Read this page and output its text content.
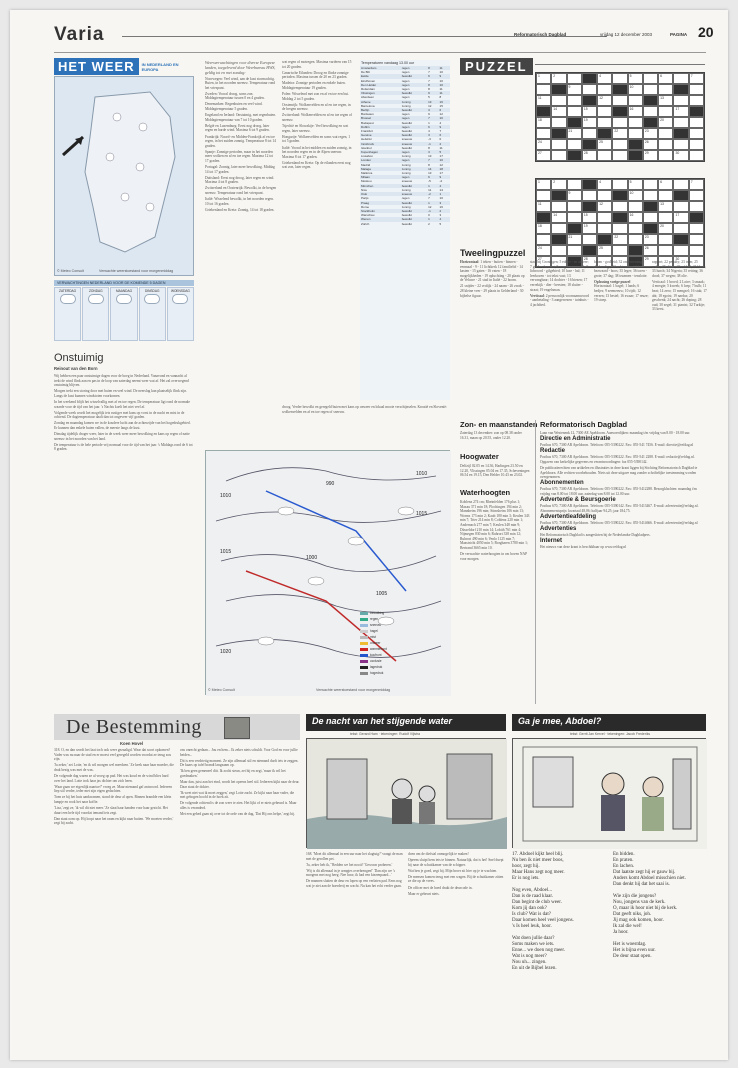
Varia	Reformatorisch Dagblad	vrijdag 12 december 2003	PAGINA 20
HET WEER	IN NEDERLAND EN EUROPA
© Meteo Consult	Verwachte weerstoestand voor morgenmiddag
VERWACHTINGEN NEDERLAND VOOR DE KOMENDE 5 DAGEN
ZATERDAG	ZONDAG	MAANDAG	DINSDAG	WOENSDAG
Onstuimig
Reinout van den Born

Wij hebben een paar onstuimige dagen voor de boeg in Nederland. Vanavond en vannacht al trekt de wind flink aan en pas in de loop van zaterdag neemt weer wat af. Het zal overwegend onstuimig blijven.

Morgen trekt een storing door met buien en veel wind. De neerslag kan plaatselijk flink zijn. Langs de kust kunnen windstoten voorkomen.

In het weekend blijft het wisselvallig met af en toe regen. De temperatuur ligt rond de normale waarde voor de tijd van het jaar. 's Nachts koelt het niet veel af.

Volgende week wordt het mogelijk iets rustiger met kans op vorst in de nacht en mist in de ochtend. De dagtemperatuur daalt dan tot ongeveer vijf graden.

Zondag en maandag komen we in de koudere lucht aan de achterzijde van het hogedrukgebied. Er kunnen dan enkele buien vallen, de meeste langs de kust.

Dinsdag tijdelijk droger weer, later in de week weer meer bewolking en kans op regen of natte sneeuw in het noorden van het land.

De temperatuur is de hele periode vrij normaal voor de tijd van het jaar. 's Middags rond de 6 tot 8 graden.

Weersverwachtingen voor diverse Europese landen, toegeleverd door Weerbureau HWS, geldig tot en met zondag:

Noorwegen: Veel wind, aan de kust stormachtig. Buien, in het noorden sneeuw. Temperatuur rond het vriespunt.

Zweden: Vooral droog, soms zon. Middagtemperatuur tussen 0 en 4 graden.

Denemarken: Regenbuien en veel wind. Middagtemperatuur 5 graden.

Engeland en Ierland: Onstuimig, met regenbuien. Middagtemperatuur van 7 tot 10 graden.

België en Luxemburg: Eerst nog droog, later regen en harde wind. Maxima 6 tot 9 graden.

Frankrijk: Noord- en Midden-Frankrijk af en toe regen, in het zuiden zonnig. Temperatuur 8 tot 14 graden.

Spanje: Zonnige perioden, maar in het noorden meer wolken en af en toe regen. Maxima 12 tot 17 graden.

Portugal: Zonnig, later meer bewolking. Middag 14 tot 17 graden.

Duitsland: Eerst nog droog, later regen en wind. Maxima 4 tot 8 graden.

Zwitserland en Oostenrijk: Bewolkt, in de bergen sneeuw. Temperatuur rond het vriespunt.

Italië: Wisselend bewolkt, in het noorden regen. 10 tot 16 graden.

Griekenland en Kreta: Zonnig, 14 tot 18 graden.

wat regen of motregen. Maxima variëren van 15 tot 20 graden.

Canarische Eilanden: Droog en flinke zonnige perioden. Maxima tussen de 20 en 23 graden.

Madeira: Zonnige perioden en enkele buien. Middagtemperatuur 19 graden.

Polen: Wisselend met zon en af en toe een bui. Middag 2 tot 5 graden.

Oostenrijk: Wolkenvelden en af en toe regen, in de bergen sneeuw.

Zwitserland: Wolkenvelden en af en toe regen of sneeuw.

Tsjechië en Slowakije: Veel bewolking en wat regen, later sneeuw.

Hongarije: Wolkenvelden en soms wat regen, 1 tot 5 graden.

Italië: Vooral in het midden en zuiden zonnig, in het noorden regen en in de Alpen sneeuw. Maxima 8 tot 17 graden.

Griekenland en Kreta: Op de eilanden eerst nog wat zon, later regen.

Temperaturen vandaag 13.00 uur
Amsterdam	regen	8	11
De Bilt	regen	7	10
Eelde	bewolkt	6	9
Eindhoven	regen	7	10
Den Helder	regen	8	10
Rotterdam	regen	8	11
Vlissingen	bewolkt	9	11
Aberdeen	regen	5	8
Athene	zonnig	13	16
Barcelona	zonnig	12	15
Berlijn	bewolkt	3	6
Bordeaux	regen	9	12
Brussel	regen	7	10
Budapest	bewolkt	1	4
Dublin	regen	6	9
Frankfurt	bewolkt	4	7
Genève	bewolkt	3	6
Helsinki	sneeuw	-3	0
Innsbruck	sneeuw	-1	2
Istanbul	bewolkt	8	11
Kopenhagen	regen	3	5
Lissabon	zonnig	13	17
Londen	regen	7	10
Madrid	zonnig	8	12
Malaga	zonnig	14	18
Mallorca	zonnig	13	17
Milaan	regen	6	9
Moskou	sneeuw	-5	-2
München	bewolkt	1	4
Nice	zonnig	11	14
Oslo	sneeuw	-2	1
Parijs	regen	7	10
Praag	bewolkt	1	3
Rome	zonnig	12	16
Stockholm	bewolkt	-1	2
Warschau	bewolkt	0	3
Wenen	bewolkt	1	4
Zürich	bewolkt	2	5
1010
1015
1020
990
1000
1005
1010
1015
© Meteo Consult	Verwachte weerstoestand voor morgenmiddag
bewolking
regen
sneeuw
hagel
mist
onweer
warmtefront
koufront
occlusie
lagedruk
hogedruk

droog. Verder bewolkt en geregeld buien met kans op onweer en lokaal mooie verschijnselen. Kroatië en Slovenië: wolkenvelden en af en toe regen of sneeuw.

PUZZEL
1	2	4	5	6	7
9	10
11	12	13
14	15	16	17
18	19	20
21	22	23
24	25	26
27	28	29	30
1	2	4	5	6	7
9	10
11	12	13
14	15	16	17
18	19	20
21	22	23
24	25	26
27	28	29	30
Tweelingpuzzel

Horizontaal: 1 teken - buiten - binnen - eenmaal - 9 - 11 lichtkerk 12 familielid - 14 kasten - 15 gaten - 16 vaten - 18 mogelijkheden - 19 opluchting - 20 plaats op de Veluwe - 21 stad in Italië - 22 boom.

21 snijder - 22 vrolijk - 24 naam - 26 zwak - 28 kleine veer - 29 plaats in Gelderland - 30 bijbelse figuur.

staat bij Groningen; 5 edelie - en andere; 7 geld - vloermat; 8 vrage - ecumensk; 9 lidwoord - gifgebied; 10 luxe - hal; 11 leerkozen - tot tekst vast; 13 vervangbaar; 14 dochter - 16 biezen; 17 verrekijk - dier - beesten; 18 sluiter - straat; 19 engelsman.

Verticaal: 2 persoonlijk voornaamwoord - aanbetaling - 3 aangewezen - tuinhuis - 4 jachtbed.

boom - godheid; 32 onderneming - deskundige; 33 achternaam; 34 bezwaard - boos; 35 leger; 36 toren - grote; 37 dag; 38 tezamen - tenslotte.

Oplossing vorige puzzel Horizontaal: 1 bagel; 1 lands; 6 bedjes; 9 zeemeeuw; 10 rijdt; 12 verzen; 13 bestel; 16 zwaar; 17 reuze; 19 stoep.

rapport; 22 penalty; 23 tram; 25 reden; 27 elitair; 29 erfdeel; 31 bleek; 33 lunch; 34 Nigeria; 35 retting; 36 dood; 37 wegen; 38 olie.

Verticaal: 1 broed; 2 Loire; 3 smaak; 4 energie; 5 kweek; 6 loep; 7 bulb; 11 beat; 14 zero; 15 mengsel; 16 stuk; 17 abt; 18 egoist; 19 nardus; 20 geschenk; 24 nacht; 26 doping; 28 oud; 30 zegel; 31 pianist; 32 Turkije; 33 kerst.

Zon- en maanstanden

Zaterdag 13 december: zon op 08.38 onder 16.31, maan op 20.55, onder 12.20.

Hoogwater

Delfzijl 02.05 en 14.36, Harlingen 23.50 en 12.20, Vlissingen 05.04 en 17.35, Scheveningen 06.54 en 19.15, Den Helder 10.43 en 23.02.

Waterhoogten

Koblenz 274 cm; Rheinfelden 176 plus 1; Maxau 371 min 18; Plochingen 194 min 2; Mannheim 196 min; Stimsheim 106 min 13; Worms 173 min 2; Kaub 180 min 3; Keulen 343 min 7; Trier 214 min 8; Coblenz 220 min 1; Andernach 277 min 7; Keulen 348 min 9; Düsseldorf 210 min 14; Lobith 761 min 4; Nijmegen 830 min 6; Ruhrort 338 min 12; Ruhrort 490 min 6; Venlo 1125 min 7; Maastricht 4050 min 5; Borgharen 3780 min 1; Bertrand 3665 min 10.

De verwachte waterhoogten in cm boven NAP voor morgen.

Reformatorisch Dagblad

Laan van Westenenk 12, 7300 AE Apeldoorn. Aanvoerdijken: maandag t/m vrijdag van 8.00 - 18.00 uur.

Directie en Administratie

Postbus 670, 7300 AR Apeldoorn. Telefoon: 055-5390222. Fax: 055-541 7456. E-mail: directie@refdag.nl

Redactie

Postbus 670, 7300 AR Apeldoorn. Telefoon: 055-5390222. Fax: 055-541 2288. E-mail: redactie@refdag.nl. Opgaven van kerkelijke gegevens en verantwoordingen: fax 055-5390142.

De publicatierechten van artikelen en illustraties in deze krant liggen bij Stichting Reformatorisch Dagblad te Apeldoorn. Alle rechten voorbehouden. Niets uit deze uitgave mag zonder schriftelijke toestemming worden overgenomen.

Abonnementen

Postbus 670, 7300 AR Apeldoorn. Telefoon: 055-5390222. Fax: 055-5412288. Bezorgklachten: maandag t/m vrijdag van 8.00 tot 18.00 uur, zaterdag van 8.00 tot 12.00 uur.

Advertentie & Beursgoerie

Postbus 670, 7300 AR Apeldoorn. Telefoon: 055-5390142. Fax: 055-5413467. E-mail: advertentie@refdag.nl. Abonnementsprijs: kwartaal 48,06; halfjaar 94,25; jaar 184,75.

Advertentieafdeling

Postbus 670, 7300 AR Apeldoorn. Telefoon: 055-5390222. Fax: 055-5414666. E-mail: advertentie@refdag.nl

Advertenties

Het Reformatorisch Dagblad is aangesloten bij de Nederlandse Dagbladpers.

Internet

Het nieuws van deze krant is beschikbaar op www.refdag.nl

De Bestemming
Koen Hovel

318. O, en dan wordt het laat toch ook weer gezaaligd. Waar dat soort opkomen? Vader was nu naar de stad en er moest veel geregeld worden voordat ze terug zou zijn.

'Ja zeker,' zei Lotte, 'en ik wil morgen wel meedoen.' Ze keek naar haar moeder, die druk bezig was met de was.

De volgende dag waren ze al vroeg op pad. Het was koud en de wind blies hard over het land. Lotte trok haar jas dichter om zich heen.

'Waar gaan we eigenlijk naartoe?' vroeg ze. Maar niemand gaf antwoord. Iedereen liep stil verder, ieder met zijn eigen gedachten.

Toen ze bij het huis aankwamen, stond de deur al open. Binnen brandde een klein lampje en rook het naar koffie.

'Lisa,' zegt ze, 'ik wil dit niet meer.' Ze slaat haar handen voor haar gezicht. Het duurt een hele tijd voordat iemand iets zegt.

Dan staat oom op. Hij loopt naar het raam en kijkt naar buiten. 'We moeten verder,' zegt hij zacht.

ons onrecht gedaan... Jou en hem... Ik zeker niets schuldt. Voor God en voor jullie beiden...

Dit is een verdrietig moment. Ze zijn allemaal stil en niemand durft iets te zeggen. De kaars op tafel brandt langzaam op.

'Ik ben geen gemeneel ditt. Ik zocht steun, zei hij en zegt, 'maar ik wil het goedmaken.'

Maar dan, juist aan het eind, wordt het opeens heel stil. Iedereen kijkt naar de deur. Daar staat de dokter.

'Ik weet niet wat ik moet zeggen,' zegt Lotte zacht. Ze kijkt naar haar vader, die met gebogen hoofd in de hoek zit.

De volgende ochtend is de zon weer te zien. Het lijkt of er niets gebeurd is. Maar alles is veranderd.

Met een gebed gaan zij over tot de orde van de dag, 'Dat Hij ons helpe,' zegt hij.

De nacht van het stijgende water
tekst: Gerard Ham · tekeningen: Rudolf Vijlstra

168. 'Moet dit allemaal in een uur naar het slagtuig?' vraagt de man met de gerollen pet.

'Ja, zeker heb ik,' 'Redden we het nooit? 'Gewoon proberen.'

'Wij is dit allemaal in je armpjes overbrengen!' 'Dan zijn we 's morgens met nog heeg. Nee hoor, ik had een kiezenpaard...'

De mannen sluiten de deur en lopen op een verlaten pad. Eens nog wat je ziet aan de boerderij en wacht. Nu kan het echt verder gaan.

doen om de diefstal onmogelijk te maken!

Opeens sluipt hem iets te binnen. Natuurlijk, dat is het! Snel duept hij naar de schuitkamer van de schipper.

Wat ben je goed, zegt hij. Mijn broer zit hier op je te wachten.

De mensen komen terug met een wagen. Bij de schuitkamer zitten ze die op de vrees.

De officer met de hoed drukt de deurcode in.

Maar er gebeurt niets.

Ga je mee, Abdoel?
tekst: Gerrit Jan Kervel · tekeningen: Jacob Frederiks
17. Abdoel kijkt heel blij.
Nu ben ik niet meer boos,
hoor, zegt hij.
Maar Hans zegt nog meer.
Er is nog iets.

Nog even, Abdoel...
Dan is de raad klaar.
Dan begint de club weer.
Kom jij dan ook?
Is club? Wat is dat?
Daar komen heel veel jongens.
's Is heel leuk, hoor.

Wat doen jullie daar?
Soms maken we iets.
Enne... we doen nog meer.
Wat is nog meer?
Nou uh... zingen.
En uit de Bijbel lezen.
En bidden.
En praten.
En lachen.
Dat laatste zegt hij er gauw bij.
Anders komt Abdoel misschien niet.
Dan denkt hij dat het saai is.

Wie zijn die jongens?
Nou, jongens van de kerk.
O, maar ik hoor niet bij de kerk.
Dat geeft niks, joh.
Jij mag ook komen, hoor.
Ik zal die wel!
Ja hoor.

Het is woestdag.
Het is bijna even uur.
De deur staat open.
